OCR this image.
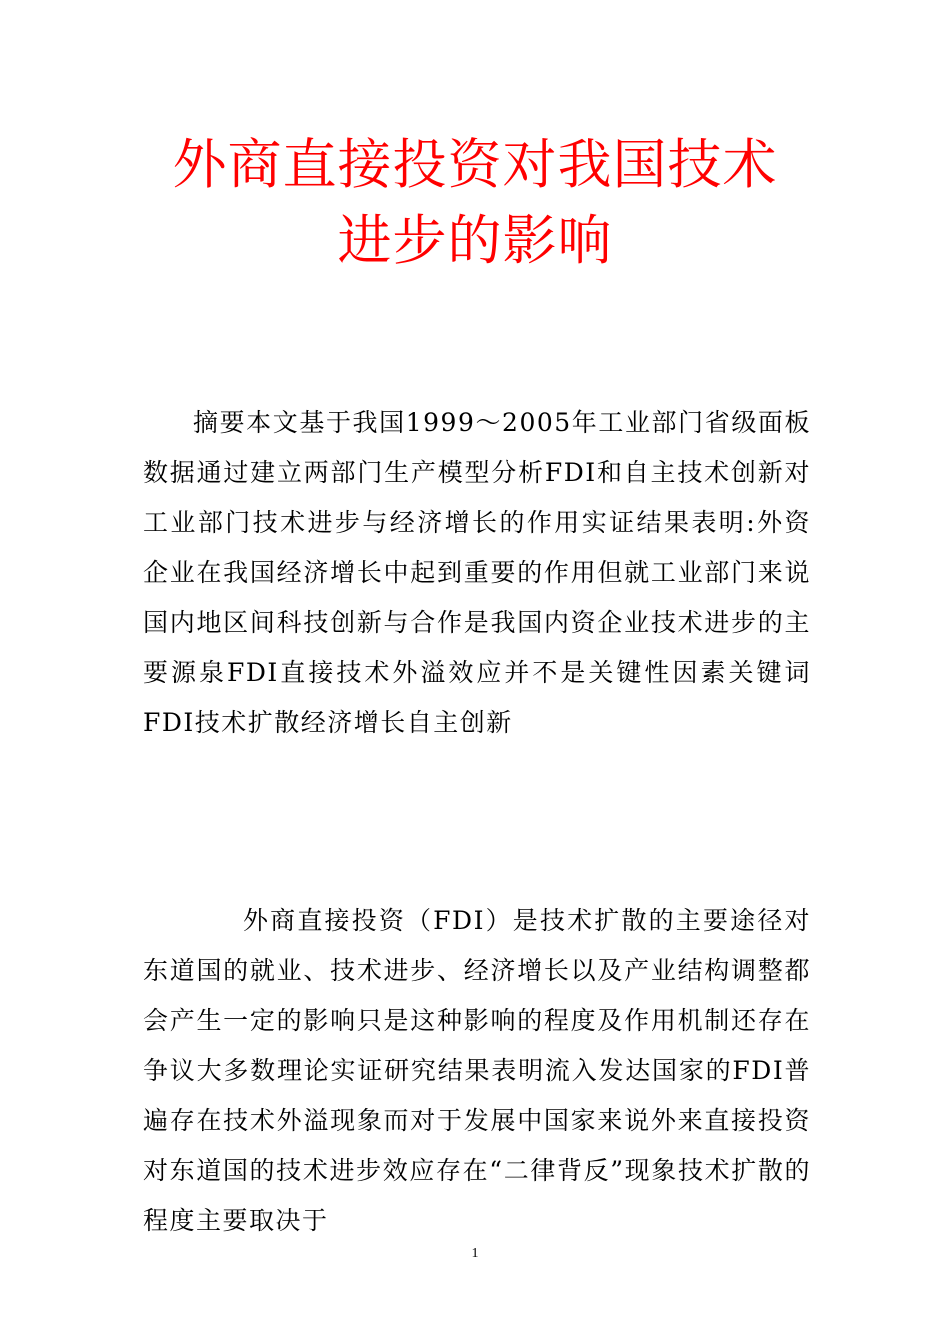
外商直接投资对我国技术
进步的影响

摘要本文基于我国1999～2005年工业部门省级面板数据通过建立两部门生产模型分析FDI和自主技术创新对工业部门技术进步与经济增长的作用实证结果表明:外资企业在我国经济增长中起到重要的作用但就工业部门来说国内地区间科技创新与合作是我国内资企业技术进步的主要源泉FDI直接技术外溢效应并不是关键性因素关键词FDI技术扩散经济增长自主创新

外商直接投资（FDI）是技术扩散的主要途径对东道国的就业、技术进步、经济增长以及产业结构调整都会产生一定的影响只是这种影响的程度及作用机制还存在争议大多数理论实证研究结果表明流入发达国家的FDI普遍存在技术外溢现象而对于发展中国家来说外来直接投资对东道国的技术进步效应存在“二律背反”现象技术扩散的程度主要取决于

1
